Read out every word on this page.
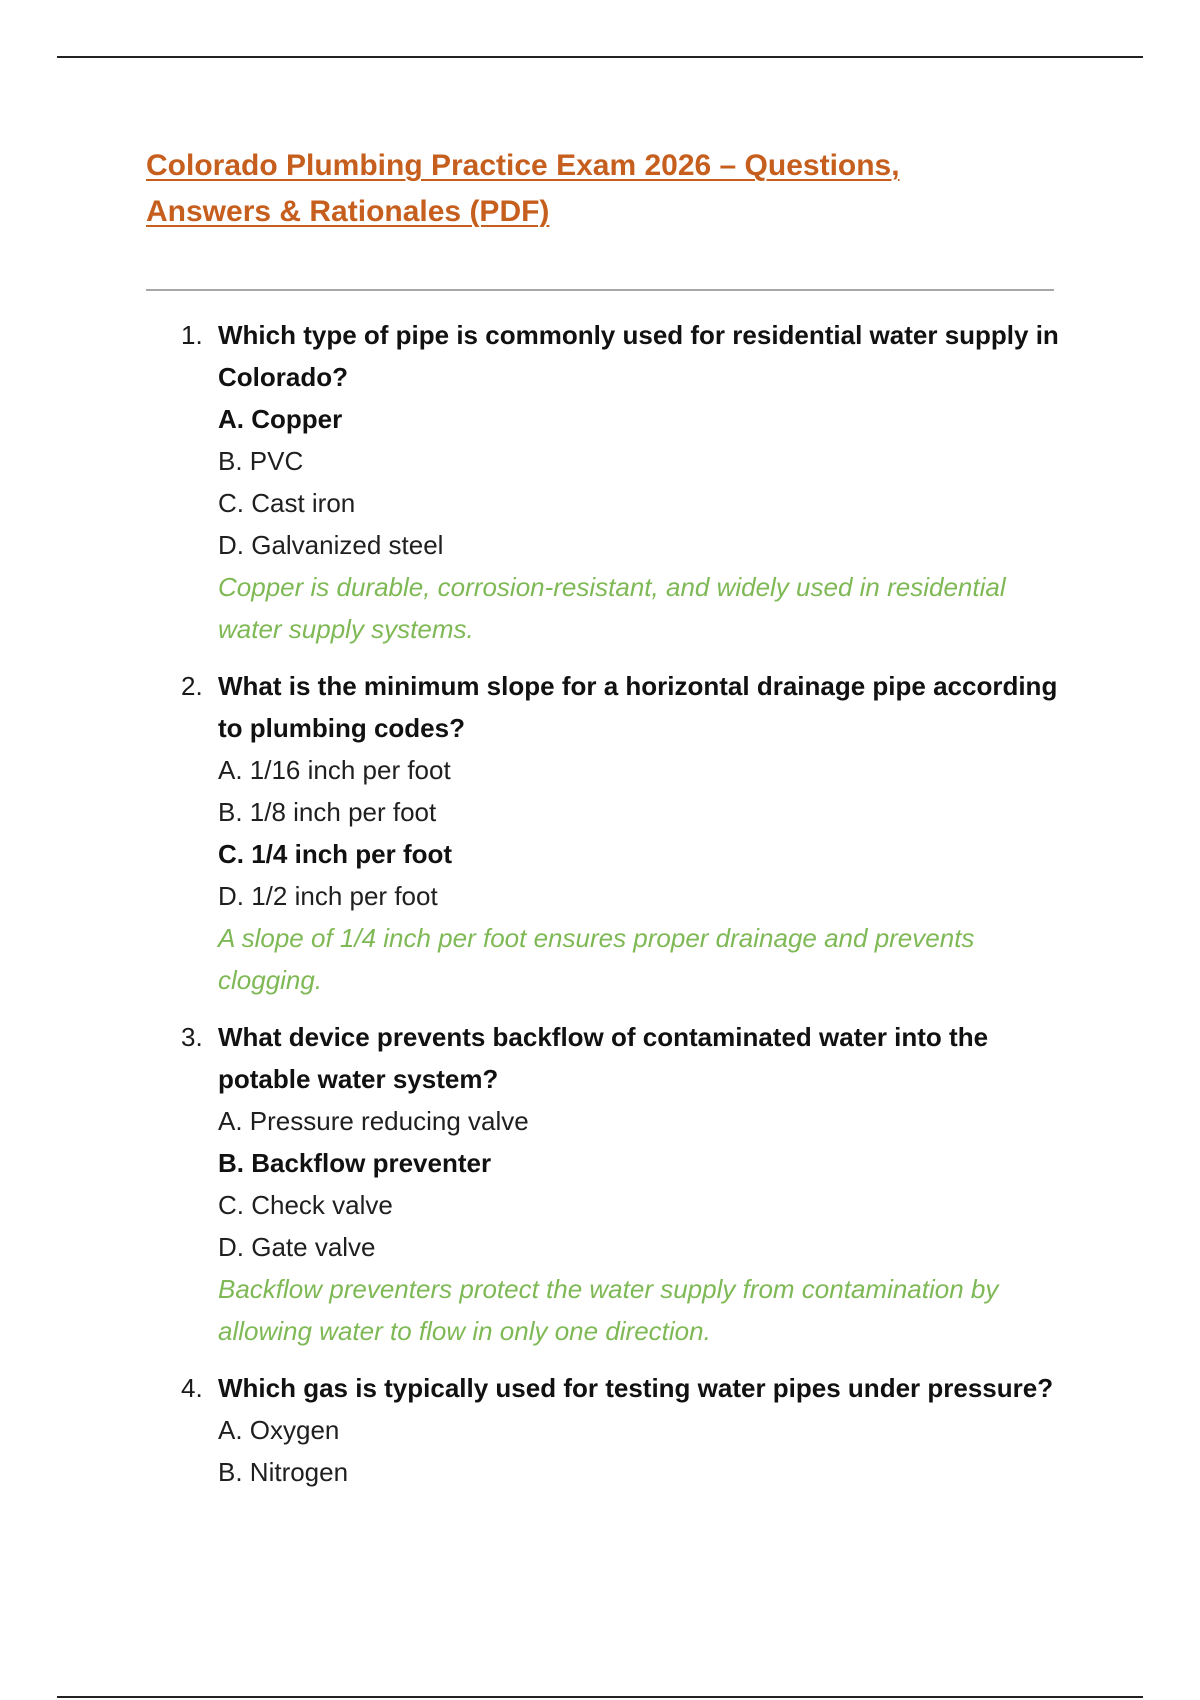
Colorado Plumbing Practice Exam 2026 – Questions, Answers & Rationales (PDF)
1. Which type of pipe is commonly used for residential water supply in Colorado?

A. Copper

B. PVC

C. Cast iron

D. Galvanized steel

Copper is durable, corrosion-resistant, and widely used in residential water supply systems.

2. What is the minimum slope for a horizontal drainage pipe according to plumbing codes?

A. 1/16 inch per foot

B. 1/8 inch per foot

C. 1/4 inch per foot

D. 1/2 inch per foot

A slope of 1/4 inch per foot ensures proper drainage and prevents clogging.

3. What device prevents backflow of contaminated water into the potable water system?

A. Pressure reducing valve

B. Backflow preventer

C. Check valve

D. Gate valve

Backflow preventers protect the water supply from contamination by allowing water to flow in only one direction.

4. Which gas is typically used for testing water pipes under pressure?

A. Oxygen

B. Nitrogen
